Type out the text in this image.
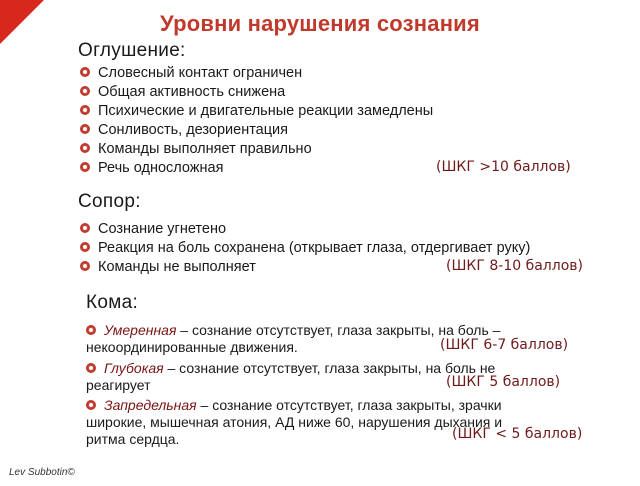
Уровни нарушения сознания
Оглушение:
Словесный контакт ограничен
Общая активность снижена
Психические и двигательные реакции замедлены
Сонливость, дезориентация
Команды выполняет правильно
Речь односложная	(ШКГ >10 баллов)
Сопор:
Сознание угнетено
Реакция на боль сохранена (открывает глаза, отдергивает руку)
Команды не выполняет	(ШКГ 8-10 баллов)
Кома:
Умеренная – сознание отсутствует, глаза закрыты, на боль –
некоординированные движения.	(ШКГ 6-7 баллов)
Глубокая – сознание отсутствует, глаза закрыты, на боль не
реагирует	(ШКГ 5 баллов)
Запредельная – сознание отсутствует, глаза закрыты, зрачки
широкие, мышечная атония, АД ниже 60, нарушения дыхания и
ритма сердца.	(ШКГ < 5 баллов)
Lev Subbotin©
